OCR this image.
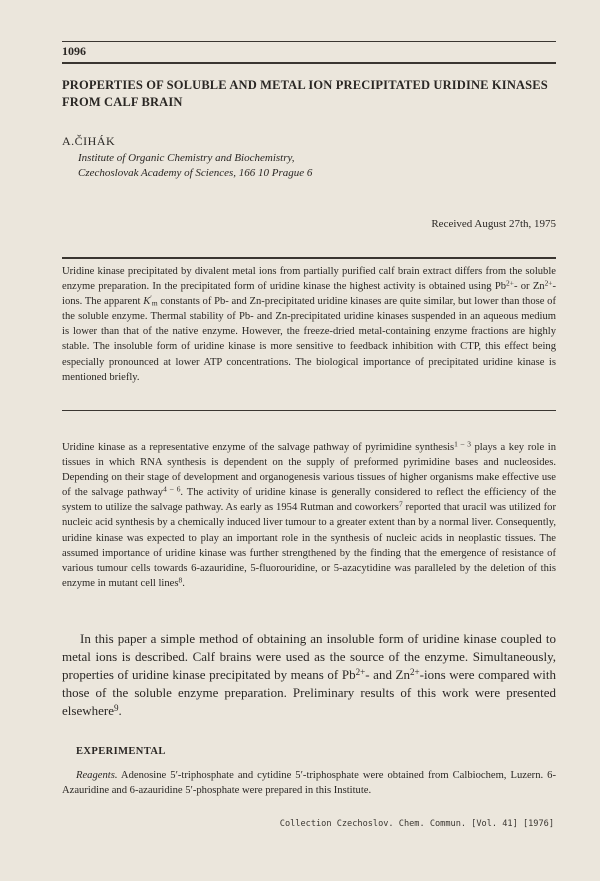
1096
PROPERTIES OF SOLUBLE AND METAL ION PRECIPITATED URIDINE KINASES FROM CALF BRAIN
A.ČIHÁK
Institute of Organic Chemistry and Biochemistry,
Czechoslovak Academy of Sciences, 166 10 Prague 6
Received August 27th, 1975

Uridine kinase precipitated by divalent metal ions from partially purified calf brain extract differs from the soluble enzyme preparation. In the precipitated form of uridine kinase the highest activity is obtained using $Pb^{2+}-$ or $Zn^{2+}$-ions. The apparent $K'_m$ constants of Pb- and Zn-precipitated uridine kinases are quite similar, but lower than those of the soluble enzyme. Thermal stability of Pb- and Zn-precipitated uridine kinases suspended in an aqueous medium is lower than that of the native enzyme. However, the freeze-dried metal-containing enzyme fractions are highly stable. The insoluble form of uridine kinase is more sensitive to feedback inhibition with CTP, this effect being especially pronounced at lower ATP concentrations. The biological importance of precipitated uridine kinase is mentioned briefly.

Uridine kinase as a representative enzyme of the salvage pathway of pyrimidine synthesis$^{1 - 3}$ plays a key role in tissues in which RNA synthesis is dependent on the supply of preformed pyrimidine bases and nucleosides. Depending on their stage of development and organogenesis various tissues of higher organisms make effective use of the salvage pathway$^{4 - 6}$. The activity of uridine kinase is generally considered to reflect the efficiency of the system to utilize the salvage pathway. As early as 1954 Rutman and coworkers$^7$ reported that uracil was utilized for nucleic acid synthesis by a chemically induced liver tumour to a greater extent than by a normal liver. Consequently, uridine kinase was expected to play an important role in the synthesis of nucleic acids in neoplastic tissues. The assumed importance of uridine kinase was further strengthened by the finding that the emergence of resistance of various tumour cells towards 6-azauridine, 5-fluorouridine, or 5-azacytidine was paralleled by the deletion of this enzyme in mutant cell lines$^8$.

In this paper a simple method of obtaining an insoluble form of uridine kinase coupled to metal ions is described. Calf brains were used as the source of the enzyme. Simultaneously, properties of uridine kinase precipitated by means of $Pb^{2+}-$ and $Zn^{2+}$-ions were compared with those of the soluble enzyme preparation. Preliminary results of this work were presented elsewhere$^9$.

EXPERIMENTAL

Reagents. Adenosine 5′-triphosphate and cytidine 5′-triphosphate were obtained from Calbiochem, Luzern. 6-Azauridine and 6-azauridine 5′-phosphate were prepared in this Institute.

Collection Czechoslov. Chem. Commun. [Vol. 41] [1976]
